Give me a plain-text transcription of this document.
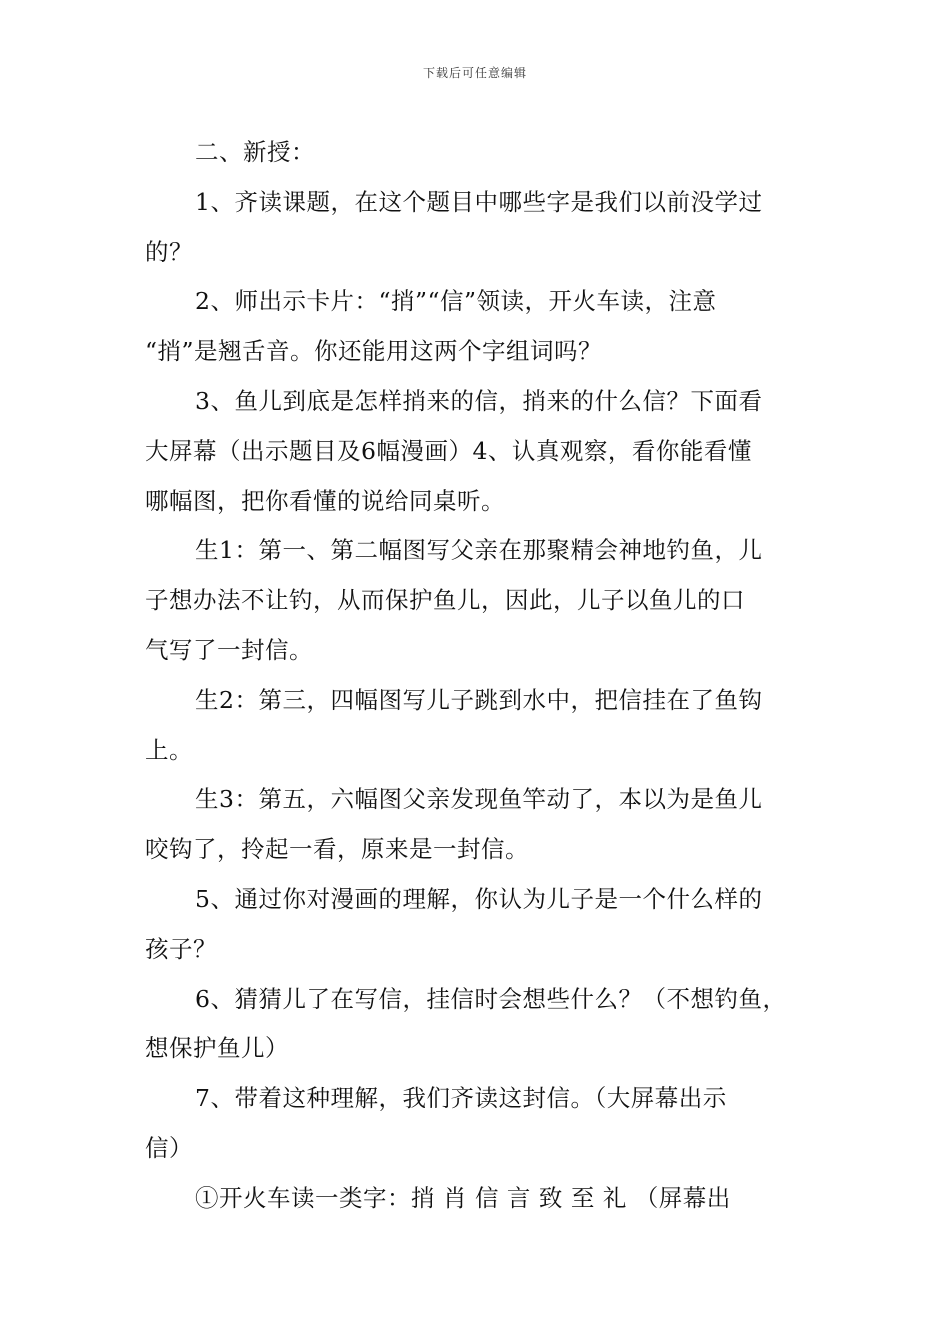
下载后可任意编辑

二、新授：

1、齐读课题，在这个题目中哪些字是我们以前没学过

的？

2、师出示卡片：“捎”“信”领读，开火车读，注意

“捎”是翘舌音。你还能用这两个字组词吗？

3、鱼儿到底是怎样捎来的信，捎来的什么信？下面看

大屏幕（出示题目及6幅漫画）4、认真观察，看你能看懂

哪幅图，把你看懂的说给同桌听。

生1：第一、第二幅图写父亲在那聚精会神地钓鱼，儿

子想办法不让钓，从而保护鱼儿，因此，儿子以鱼儿的口

气写了一封信。

生2：第三，四幅图写儿子跳到水中，把信挂在了鱼钩

上。

生3：第五，六幅图父亲发现鱼竿动了，本以为是鱼儿

咬钩了，拎起一看，原来是一封信。

5、通过你对漫画的理解，你认为儿子是一个什么样的

孩子？

6、猜猜儿了在写信，挂信时会想些什么？（不想钓鱼，

想保护鱼儿）

7、带着这种理解，我们齐读这封信。（大屏幕出示

信）

①开火车读一类字：捎 肖 信 言 致 至 礼 （屏幕出
